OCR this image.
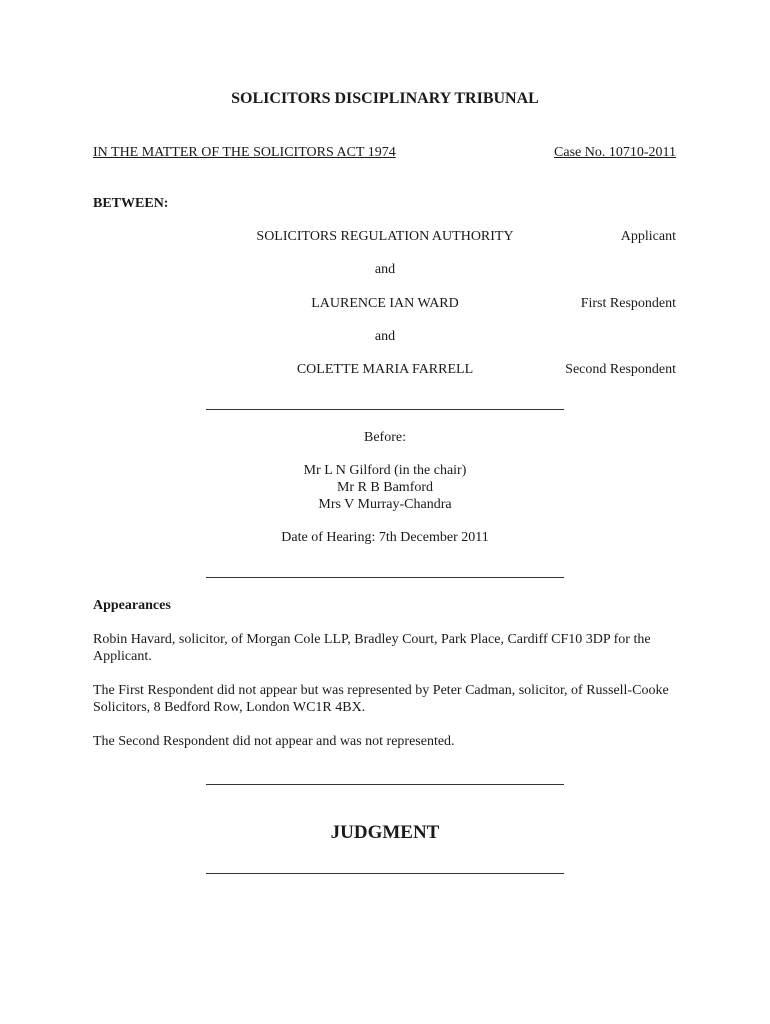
SOLICITORS DISCIPLINARY TRIBUNAL
IN THE MATTER OF THE SOLICITORS ACT 1974	Case No. 10710-2011
BETWEEN:
SOLICITORS REGULATION AUTHORITY	Applicant
and
LAURENCE IAN WARD	First Respondent
and
COLETTE MARIA FARRELL	Second Respondent
Before:
Mr L N Gilford (in the chair)
Mr R B Bamford
Mrs V Murray-Chandra
Date of Hearing: 7th December 2011
Appearances
Robin Havard, solicitor, of Morgan Cole LLP, Bradley Court, Park Place, Cardiff CF10 3DP for the Applicant.
The First Respondent did not appear but was represented by Peter Cadman, solicitor, of Russell-Cooke Solicitors, 8 Bedford Row, London WC1R 4BX.
The Second Respondent did not appear and was not represented.
JUDGMENT
